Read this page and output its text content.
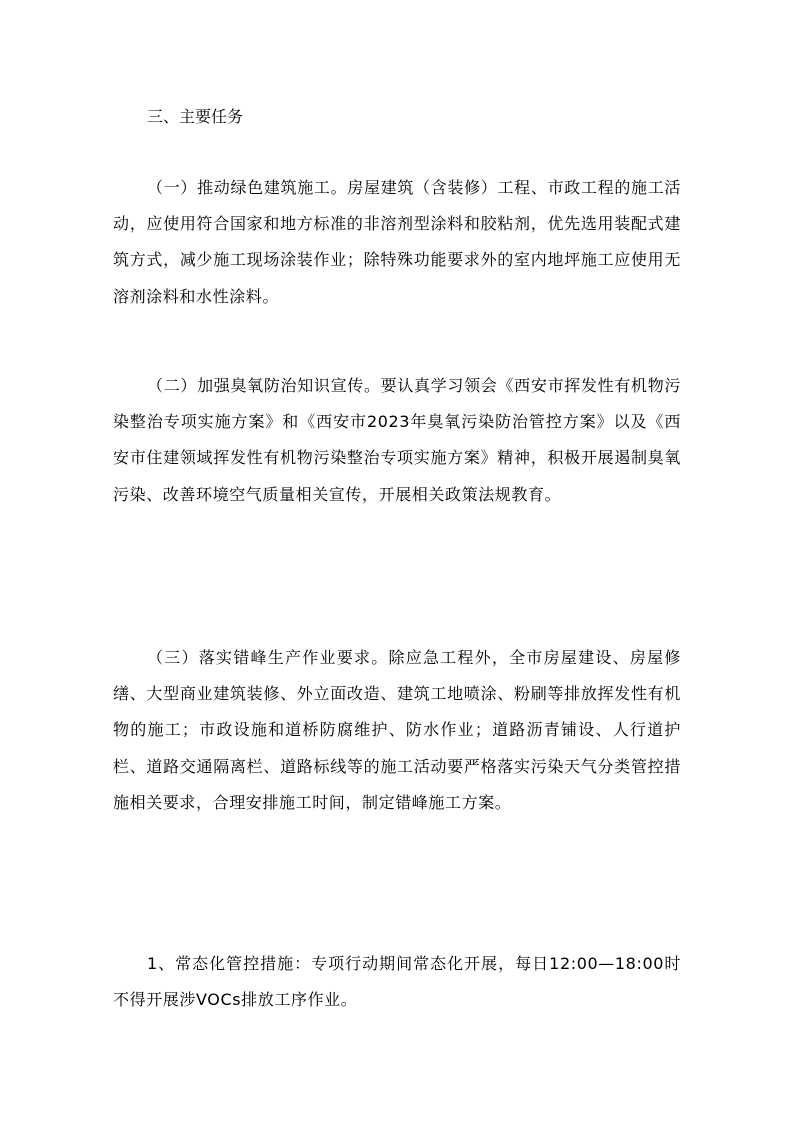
三、主要任务

（一）推动绿色建筑施工。房屋建筑（含装修）工程、市政工程的施工活动，应使用符合国家和地方标准的非溶剂型涂料和胶粘剂，优先选用装配式建筑方式，减少施工现场涂装作业；除特殊功能要求外的室内地坪施工应使用无溶剂涂料和水性涂料。

（二）加强臭氧防治知识宣传。要认真学习领会《西安市挥发性有机物污染整治专项实施方案》和《西安市2023年臭氧污染防治管控方案》以及《西安市住建领域挥发性有机物污染整治专项实施方案》精神，积极开展遏制臭氧污染、改善环境空气质量相关宣传，开展相关政策法规教育。

（三）落实错峰生产作业要求。除应急工程外，全市房屋建设、房屋修缮、大型商业建筑装修、外立面改造、建筑工地喷涂、粉刷等排放挥发性有机物的施工；市政设施和道桥防腐维护、防水作业；道路沥青铺设、人行道护栏、道路交通隔离栏、道路标线等的施工活动要严格落实污染天气分类管控措施相关要求，合理安排施工时间，制定错峰施工方案。

1、常态化管控措施：专项行动期间常态化开展，每日12:00—18:00时不得开展涉VOCs排放工序作业。
